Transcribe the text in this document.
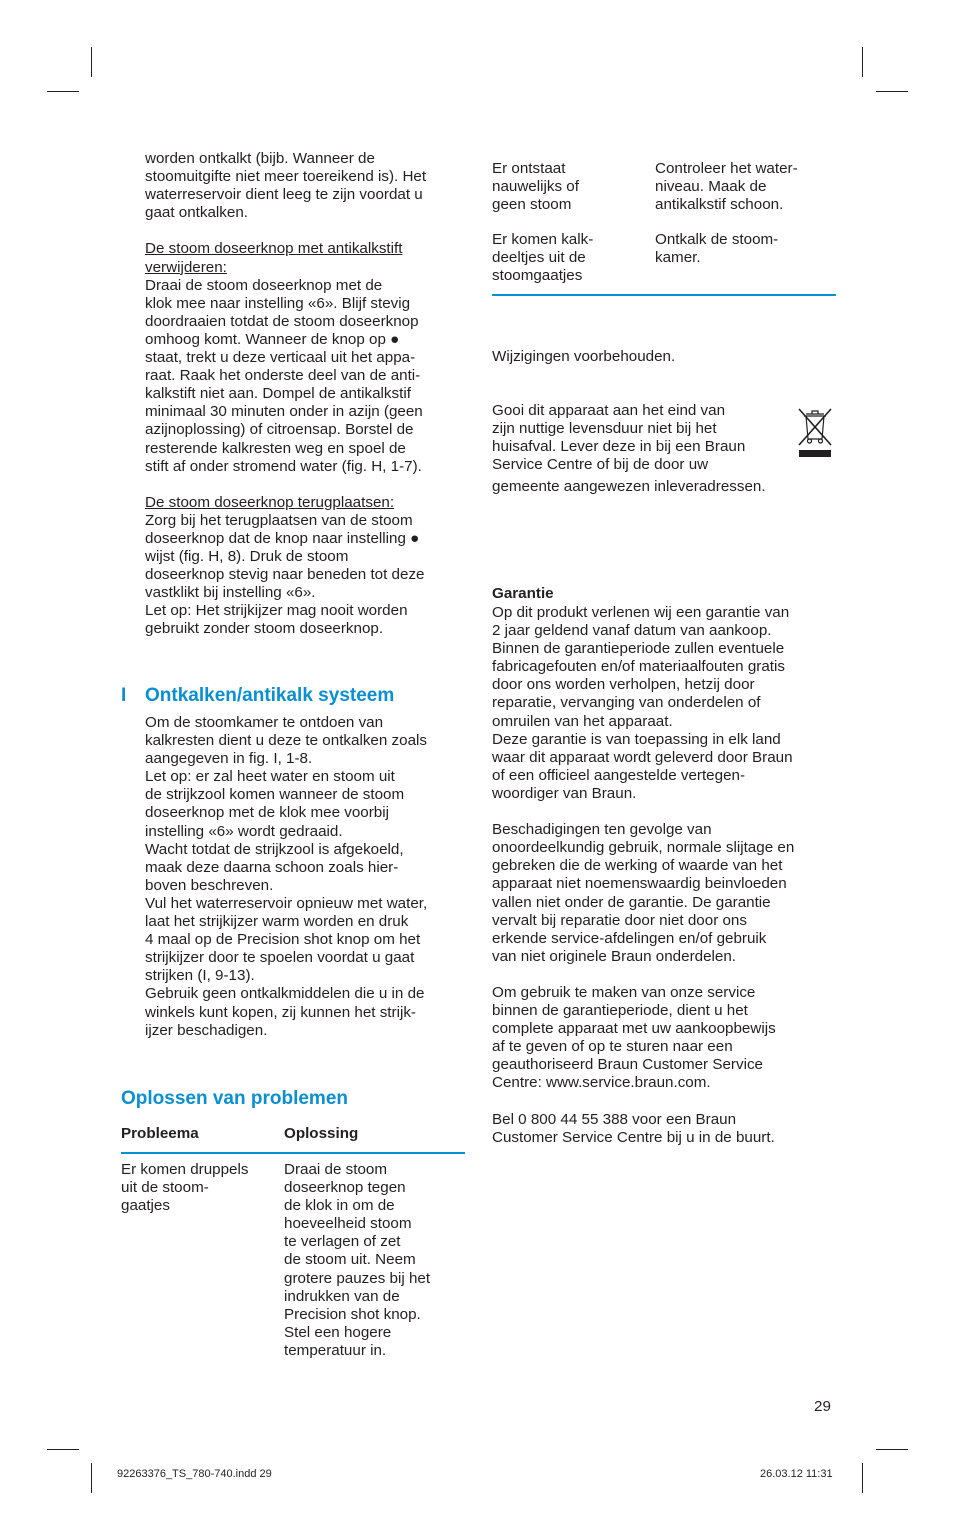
worden ontkalkt (bijb. Wanneer de
stoomuitgifte niet meer toereikend is). Het
waterreservoir dient leeg te zijn voordat u
gaat ontkalken.

De stoom doseerknop met antikalkstift
verwijderen:

Draai de stoom doseerknop met de
klok mee naar instelling «6». Blijf stevig
doordraaien totdat de stoom doseerknop
omhoog komt. Wanneer de knop op ●
staat, trekt u deze verticaal uit het appa-
raat. Raak het onderste deel van de anti-
kalkstift niet aan. Dompel de antikalkstif
minimaal 30 minuten onder in azijn (geen
azijnoplossing) of citroensap. Borstel de
resterende kalkresten weg en spoel de
stift af onder stromend water (fig. H, 1-7).

De stoom doseerknop terugplaatsen:

Zorg bij het terugplaatsen van de stoom
doseerknop dat de knop naar instelling ●
wijst (fig. H, 8). Druk de stoom
doseerknop stevig naar beneden tot deze
vastklikt bij instelling «6».
Let op: Het strijkijzer mag nooit worden
gebruikt zonder stoom doseerknop.

I Ontkalken/antikalk systeem

Om de stoomkamer te ontdoen van
kalkresten dient u deze te ontkalken zoals
aangegeven in fig. I, 1-8.
Let op: er zal heet water en stoom uit
de strijkzool komen wanneer de stoom
doseerknop met de klok mee voorbij
instelling «6» wordt gedraaid.
Wacht totdat de strijkzool is afgekoeld,
maak deze daarna schoon zoals hier-
boven beschreven.
Vul het waterreservoir opnieuw met water,
laat het strijkijzer warm worden en druk
4 maal op de Precision shot knop om het
strijkijzer door te spoelen voordat u gaat
strijken (I, 9-13).
Gebruik geen ontkalkmiddelen die u in de
winkels kunt kopen, zij kunnen het strijk-
ijzer beschadigen.

Oplossen van problemen
Probleema	Oplossing
Er komen druppels
uit de stoom-
gaatjes
Draai de stoom
doseerknop tegen
de klok in om de
hoeveelheid stoom
te verlagen of zet
de stoom uit. Neem
grotere pauzes bij het
indrukken van de
Precision shot knop.
Stel een hogere
temperatuur in.
Er ontstaat
nauwelijks of
geen stoom
Controleer het water-
niveau. Maak de
antikalkstif schoon.
Er komen kalk-
deeltjes uit de
stoomgaatjes
Ontkalk de stoom-
kamer.
Wijzigingen voorbehouden.
Gooi dit apparaat aan het eind van
zijn nuttige levensduur niet bij het
huisafval. Lever deze in bij een Braun
Service Centre of bij de door uw
gemeente aangewezen inleveradressen.
Garantie

Op dit produkt verlenen wij een garantie van
2 jaar geldend vanaf datum van aankoop.
Binnen de garantieperiode zullen eventuele
fabricagefouten en/of materiaalfouten gratis
door ons worden verholpen, hetzij door
reparatie, vervanging van onderdelen of
omruilen van het apparaat.
Deze garantie is van toepassing in elk land
waar dit apparaat wordt geleverd door Braun
of een officieel aangestelde vertegen-
woordiger van Braun.

Beschadigingen ten gevolge van
onoordeelkundig gebruik, normale slijtage en
gebreken die de werking of waarde van het
apparaat niet noemenswaardig beinvloeden
vallen niet onder de garantie. De garantie
vervalt bij reparatie door niet door ons
erkende service-afdelingen en/of gebruik
van niet originele Braun onderdelen.

Om gebruik te maken van onze service
binnen de garantieperiode, dient u het
complete apparaat met uw aankoopbewijs
af te geven of op te sturen naar een
geauthoriseerd Braun Customer Service
Centre: www.service.braun.com.

Bel 0 800 44 55 388 voor een Braun
Customer Service Centre bij u in de buurt.

29
92263376_TS_780-740.indd 29	26.03.12 11:31
